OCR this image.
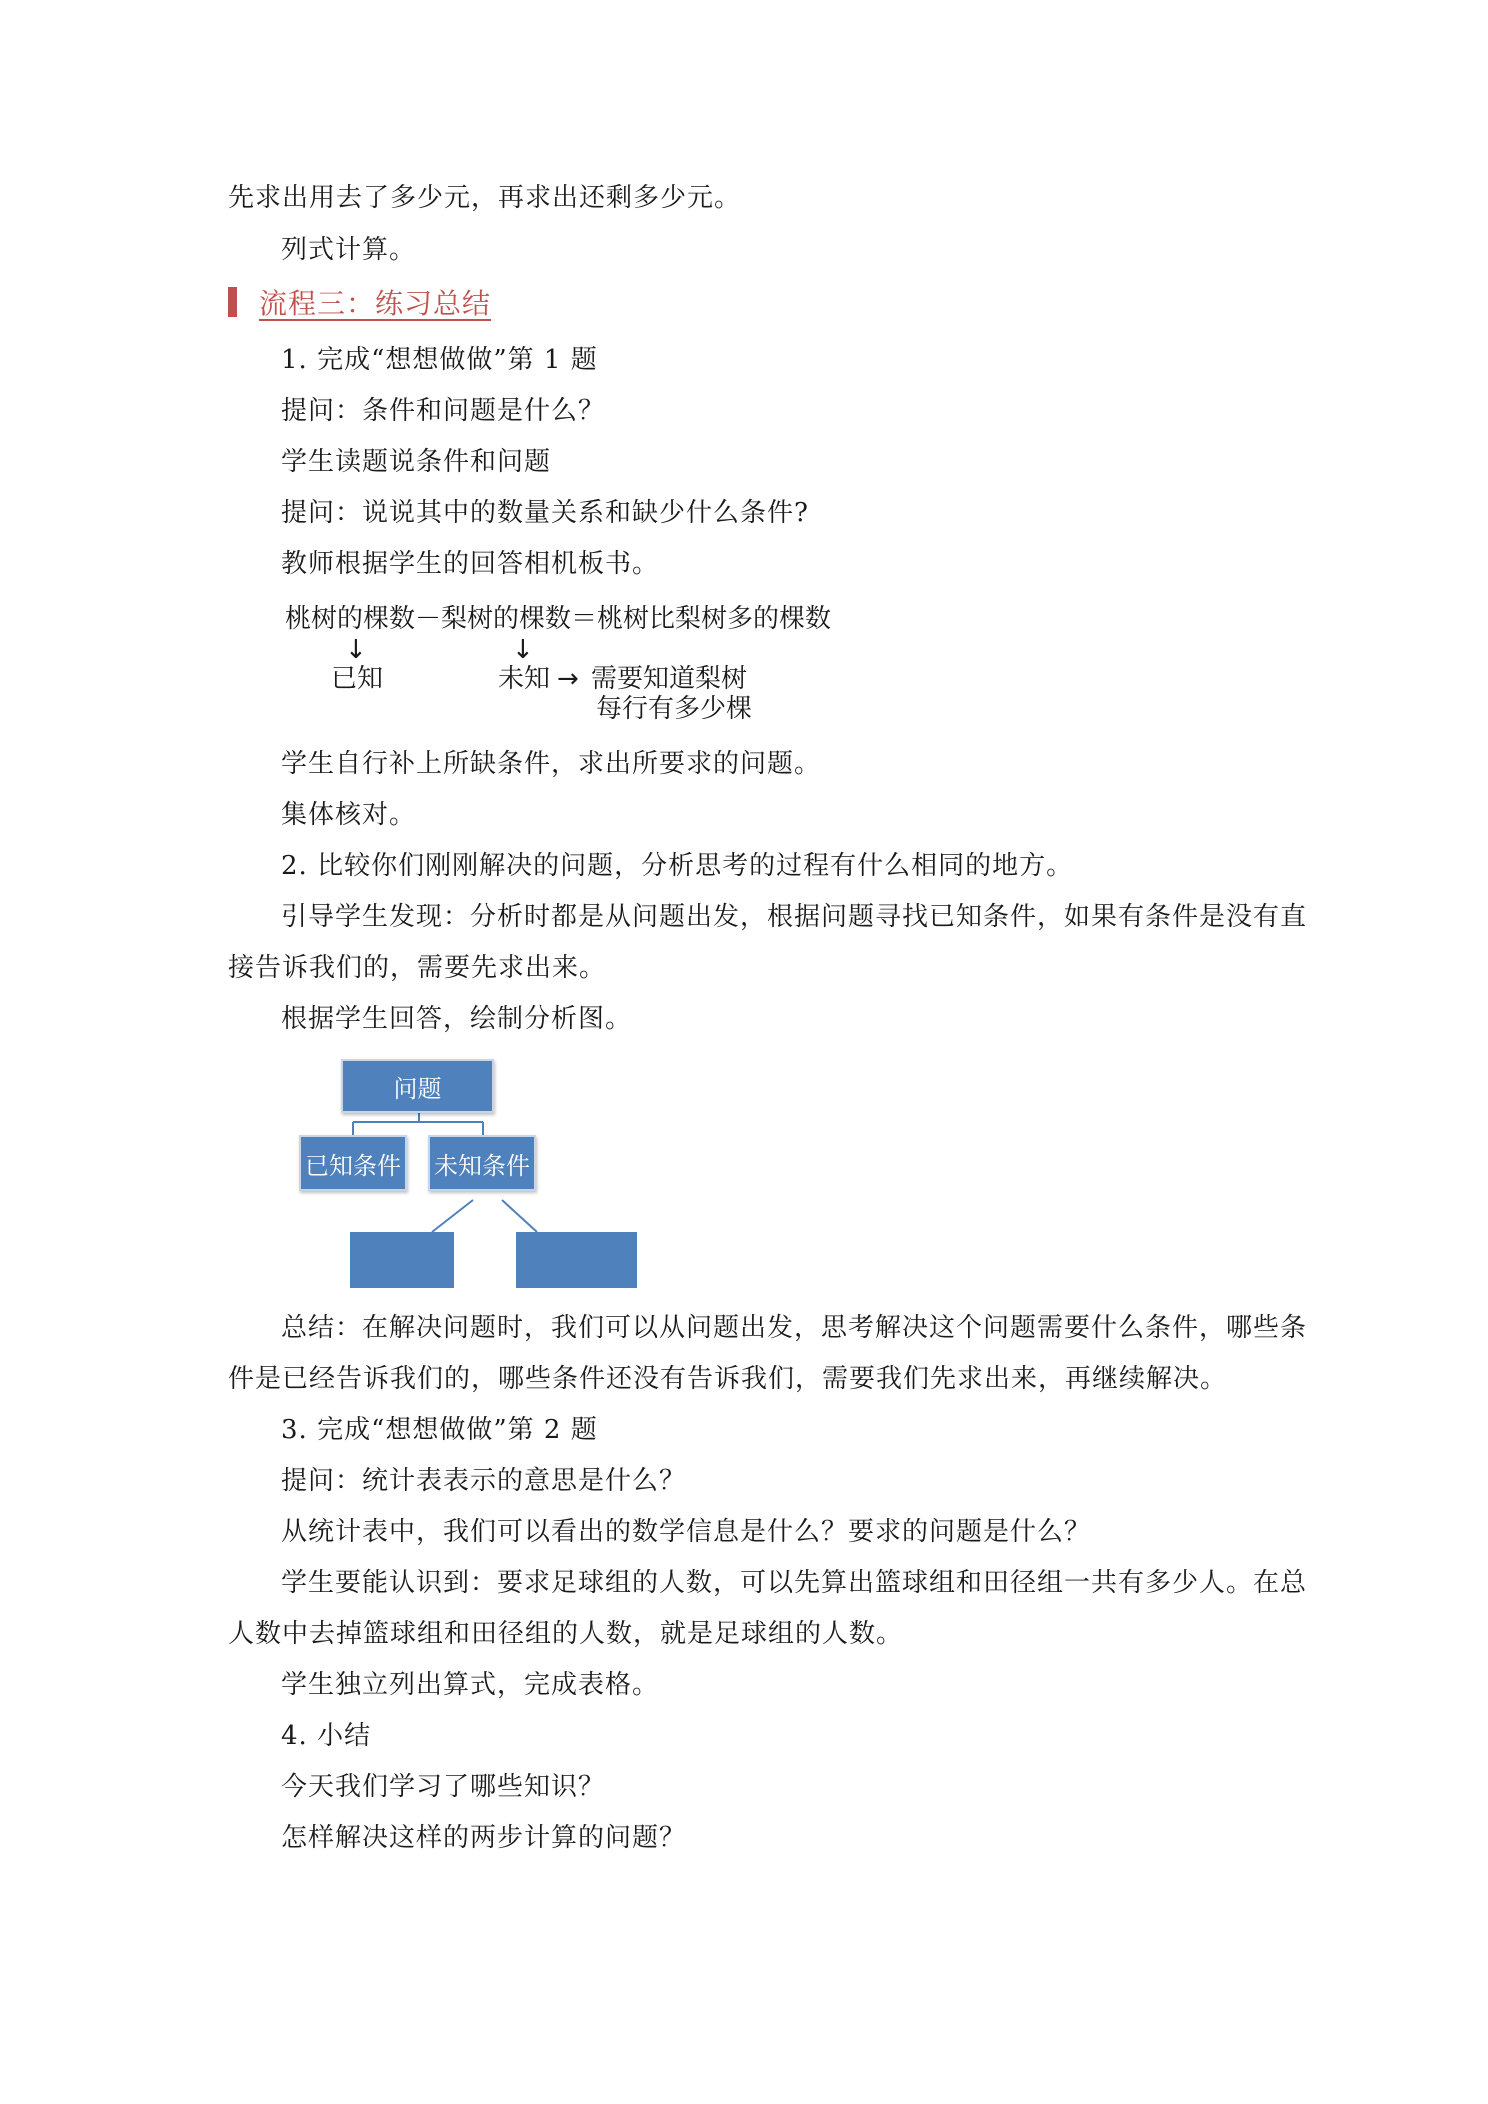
先求出用去了多少元，再求出还剩多少元。
列式计算。
流程三：练习总结
1. 完成“想想做做”第 1 题
提问：条件和问题是什么？
学生读题说条件和问题
提问：说说其中的数量关系和缺少什么条件?
教师根据学生的回答相机板书。
桃树的棵数－梨树的棵数＝桃树比梨树多的棵数
↓	↓
已知	未知 → 需要知道梨树
每行有多少棵
学生自行补上所缺条件，求出所要求的问题。
集体核对。
2. 比较你们刚刚解决的问题，分析思考的过程有什么相同的地方。
引导学生发现：分析时都是从问题出发，根据问题寻找已知条件，如果有条件是没有直
接告诉我们的，需要先求出来。
根据学生回答，绘制分析图。
问题
已知条件 未知条件
总结：在解决问题时，我们可以从问题出发，思考解决这个问题需要什么条件，哪些条
件是已经告诉我们的，哪些条件还没有告诉我们，需要我们先求出来，再继续解决。
3. 完成“想想做做”第 2 题
提问：统计表表示的意思是什么？
从统计表中，我们可以看出的数学信息是什么？要求的问题是什么？
学生要能认识到：要求足球组的人数，可以先算出篮球组和田径组一共有多少人。在总
人数中去掉篮球组和田径组的人数，就是足球组的人数。
学生独立列出算式，完成表格。
4. 小结
今天我们学习了哪些知识？
怎样解决这样的两步计算的问题？
